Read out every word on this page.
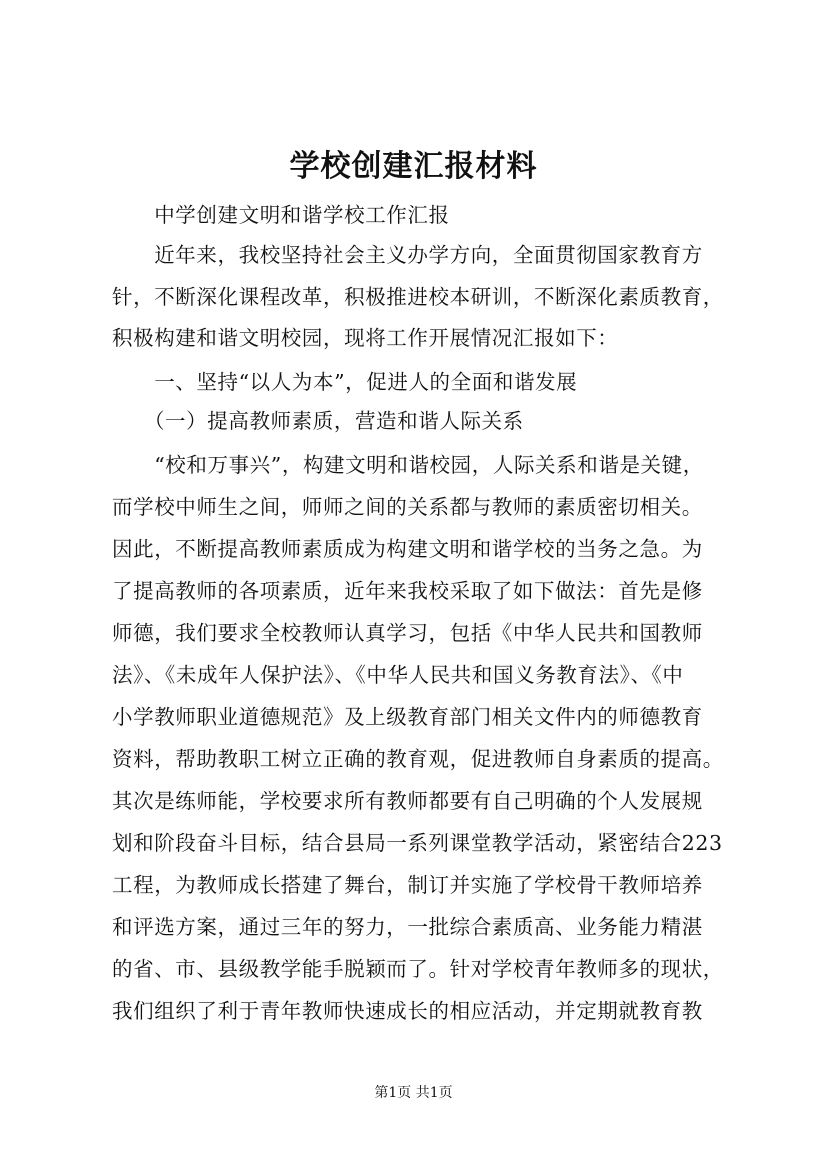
学校创建汇报材料
　　中学创建文明和谐学校工作汇报
　　近年来，我校坚持社会主义办学方向，全面贯彻国家教育方
针，不断深化课程改革，积极推进校本研训，不断深化素质教育，
积极构建和谐文明校园，现将工作开展情况汇报如下：
　　一、坚持“以人为本”，促进人的全面和谐发展
　　（一）提高教师素质，营造和谐人际关系
　　“校和万事兴”，构建文明和谐校园，人际关系和谐是关键，
而学校中师生之间，师师之间的关系都与教师的素质密切相关。
因此，不断提高教师素质成为构建文明和谐学校的当务之急。为
了提高教师的各项素质，近年来我校采取了如下做法：首先是修
师德，我们要求全校教师认真学习，包括《中华人民共和国教师
法》、《未成年人保护法》、《中华人民共和国义务教育法》、《中
小学教师职业道德规范》及上级教育部门相关文件内的师德教育
资料，帮助教职工树立正确的教育观，促进教师自身素质的提高。
其次是练师能，学校要求所有教师都要有自己明确的个人发展规
划和阶段奋斗目标，结合县局一系列课堂教学活动，紧密结合223
工程，为教师成长搭建了舞台，制订并实施了学校骨干教师培养
和评选方案，通过三年的努力，一批综合素质高、业务能力精湛
的省、市、县级教学能手脱颖而了。针对学校青年教师多的现状，
我们组织了利于青年教师快速成长的相应活动，并定期就教育教
第1页 共1页
